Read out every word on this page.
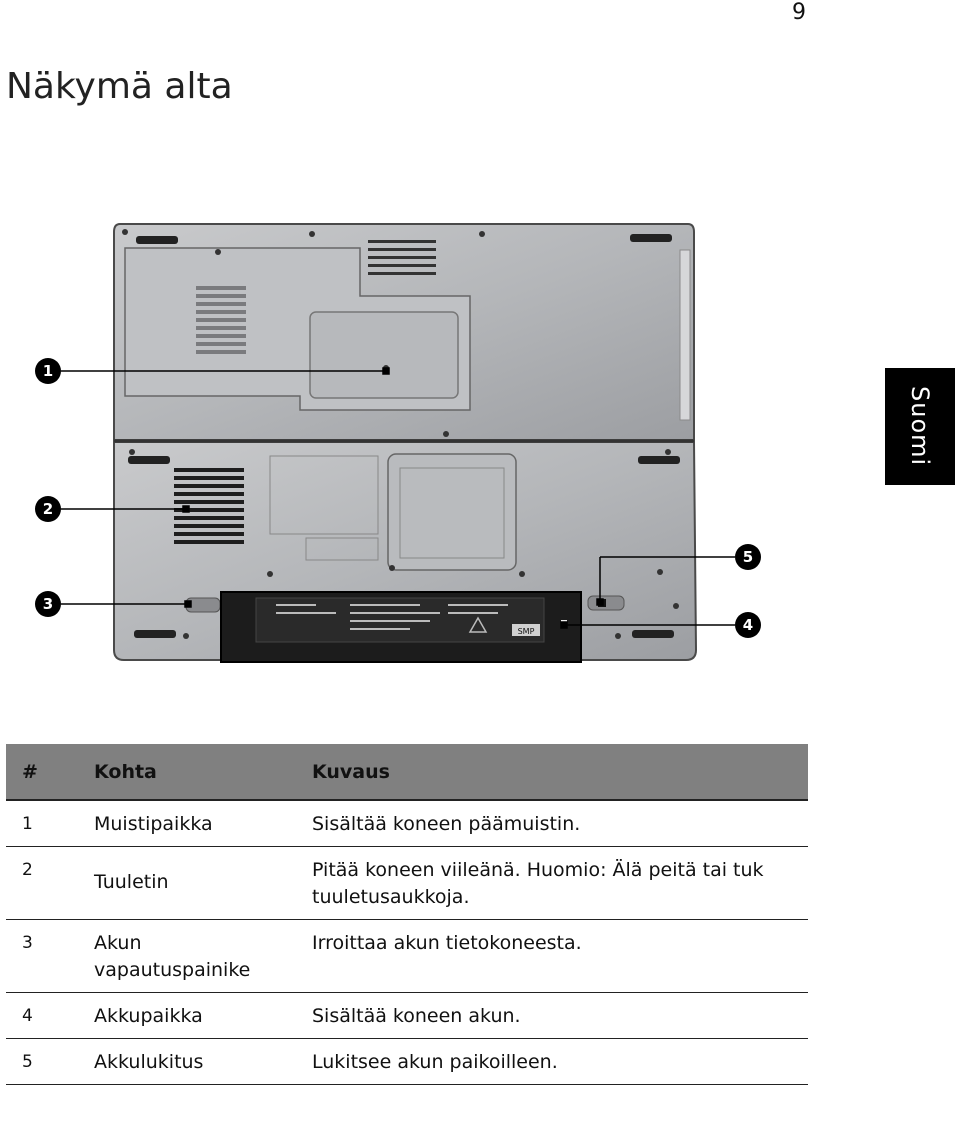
9
Näkymä alta
Suomi
SMP
1
2
3
5
4
#	Kohta	Kuvaus
1	Muistipaikka	Sisältää koneen päämuistin.
2	Tuuletin	Pitää koneen viileänä. Huomio: Älä peitä tai tuk tuuletusaukkoja.
3	Akun vapautuspainike	Irroittaa akun tietokoneesta.
4	Akkupaikka	Sisältää koneen akun.
5	Akkulukitus	Lukitsee akun paikoilleen.
